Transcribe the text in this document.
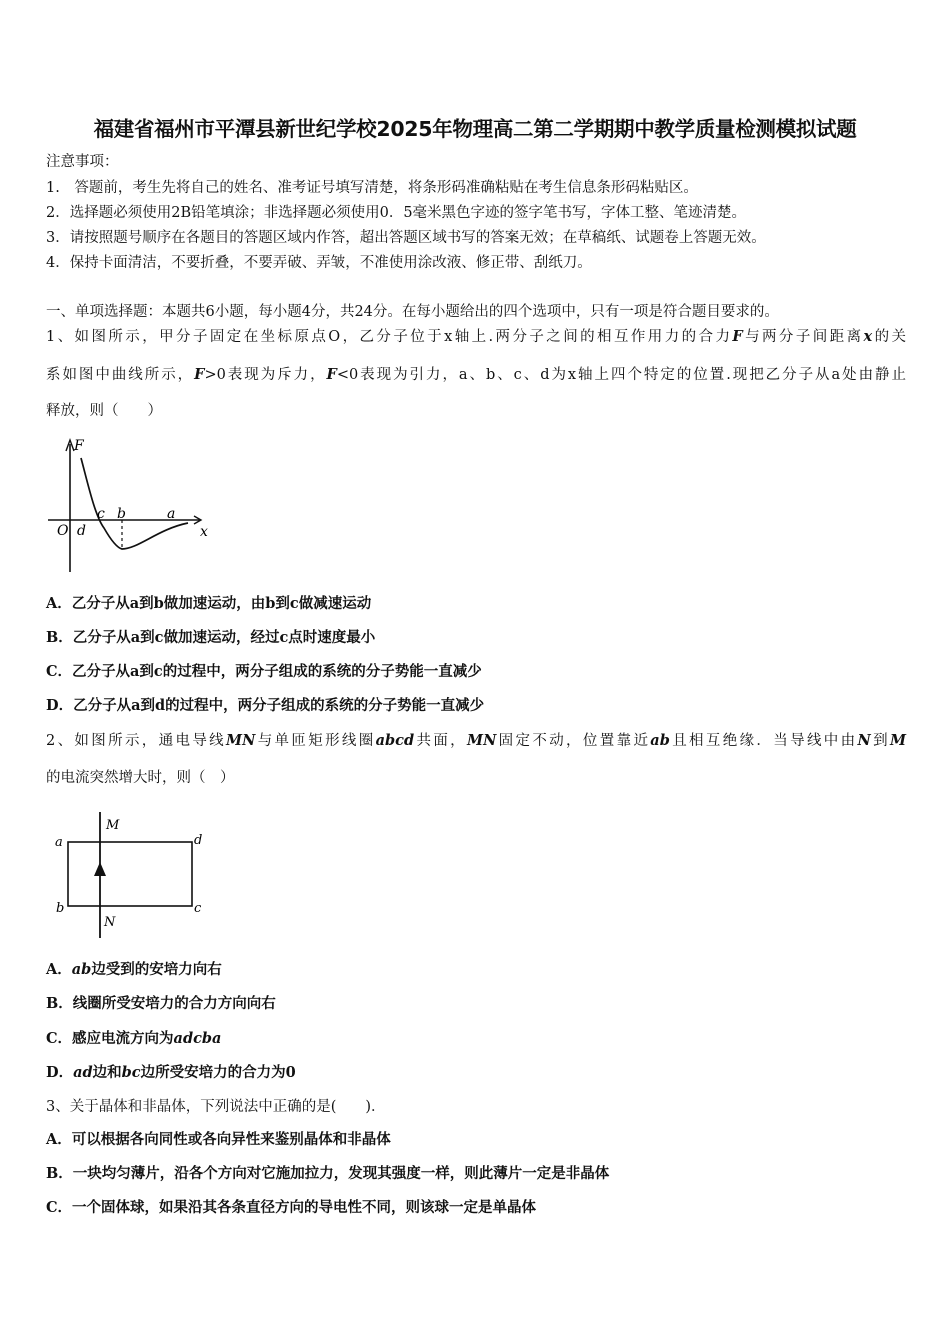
福建省福州市平潭县新世纪学校2025年物理高二第二学期期中教学质量检测模拟试题
注意事项：
1.　答题前，考生先将自己的姓名、准考证号填写清楚，将条形码准确粘贴在考生信息条形码粘贴区。
2．选择题必须使用2B铅笔填涂；非选择题必须使用0．5毫米黑色字迹的签字笔书写，字体工整、笔迹清楚。
3．请按照题号顺序在各题目的答题区域内作答，超出答题区域书写的答案无效；在草稿纸、试题卷上答题无效。
4．保持卡面清洁，不要折叠，不要弄破、弄皱，不准使用涂改液、修正带、刮纸刀。
一、单项选择题：本题共6小题，每小题4分，共24分。在每小题给出的四个选项中，只有一项是符合题目要求的。
1、如图所示，甲分子固定在坐标原点O，乙分子位于x轴上.两分子之间的相互作用力的合力F与两分子间距离x的关
系如图中曲线所示，F>0表现为斥力，F<0表现为引力，a、b、c、d为x轴上四个特定的位置.现把乙分子从a处由静止
释放，则（　　）
F
O	x
a
b
c
d
A．乙分子从a到b做加速运动，由b到c做减速运动
B．乙分子从a到c做加速运动，经过c点时速度最小
C．乙分子从a到c的过程中，两分子组成的系统的分子势能一直减少
D．乙分子从a到d的过程中，两分子组成的系统的分子势能一直减少
2、如图所示，通电导线MN与单匝矩形线圈abcd共面，MN固定不动，位置靠近ab且相互绝缘．当导线中由N到M
的电流突然增大时，则（　）
M
N
a
b	c
d
A．ab边受到的安培力向右
B．线圈所受安培力的合力方向向右
C．感应电流方向为adcba
D．ad边和bc边所受安培力的合力为0
3、关于晶体和非晶体，下列说法中正确的是(　　)．
A．可以根据各向同性或各向异性来鉴别晶体和非晶体
B．一块均匀薄片，沿各个方向对它施加拉力，发现其强度一样，则此薄片一定是非晶体
C．一个固体球，如果沿其各条直径方向的导电性不同，则该球一定是单晶体
